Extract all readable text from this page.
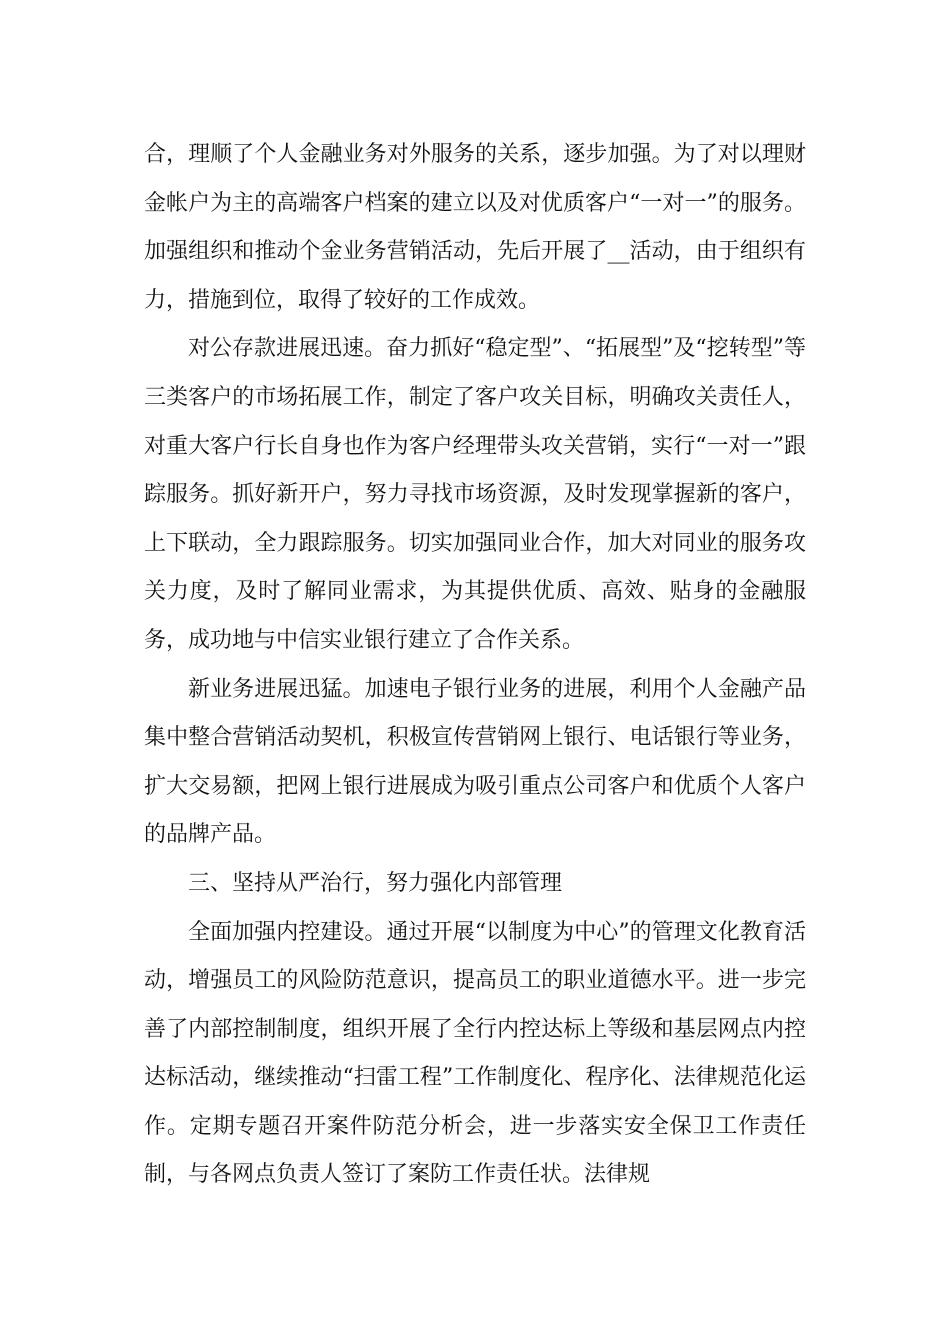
合，理顺了个人金融业务对外服务的关系，逐步加强。为了对以理财金帐户为主的高端客户档案的建立以及对优质客户“一对一”的服务。加强组织和推动个金业务营销活动，先后开展了__活动，由于组织有力，措施到位，取得了较好的工作成效。

对公存款进展迅速。奋力抓好“稳定型”、“拓展型”及“挖转型”等三类客户的市场拓展工作，制定了客户攻关目标，明确攻关责任人，对重大客户行长自身也作为客户经理带头攻关营销，实行“一对一”跟踪服务。抓好新开户，努力寻找市场资源，及时发现掌握新的客户，上下联动，全力跟踪服务。切实加强同业合作，加大对同业的服务攻关力度，及时了解同业需求，为其提供优质、高效、贴身的金融服务，成功地与中信实业银行建立了合作关系。

新业务进展迅猛。加速电子银行业务的进展，利用个人金融产品集中整合营销活动契机，积极宣传营销网上银行、电话银行等业务，扩大交易额，把网上银行进展成为吸引重点公司客户和优质个人客户的品牌产品。

三、坚持从严治行，努力强化内部管理

全面加强内控建设。通过开展“以制度为中心”的管理文化教育活动，增强员工的风险防范意识，提高员工的职业道德水平。进一步完善了内部控制制度，组织开展了全行内控达标上等级和基层网点内控达标活动，继续推动“扫雷工程”工作制度化、程序化、法律规范化运作。定期专题召开案件防范分析会，进一步落实安全保卫工作责任制，与各网点负责人签订了案防工作责任状。法律规
